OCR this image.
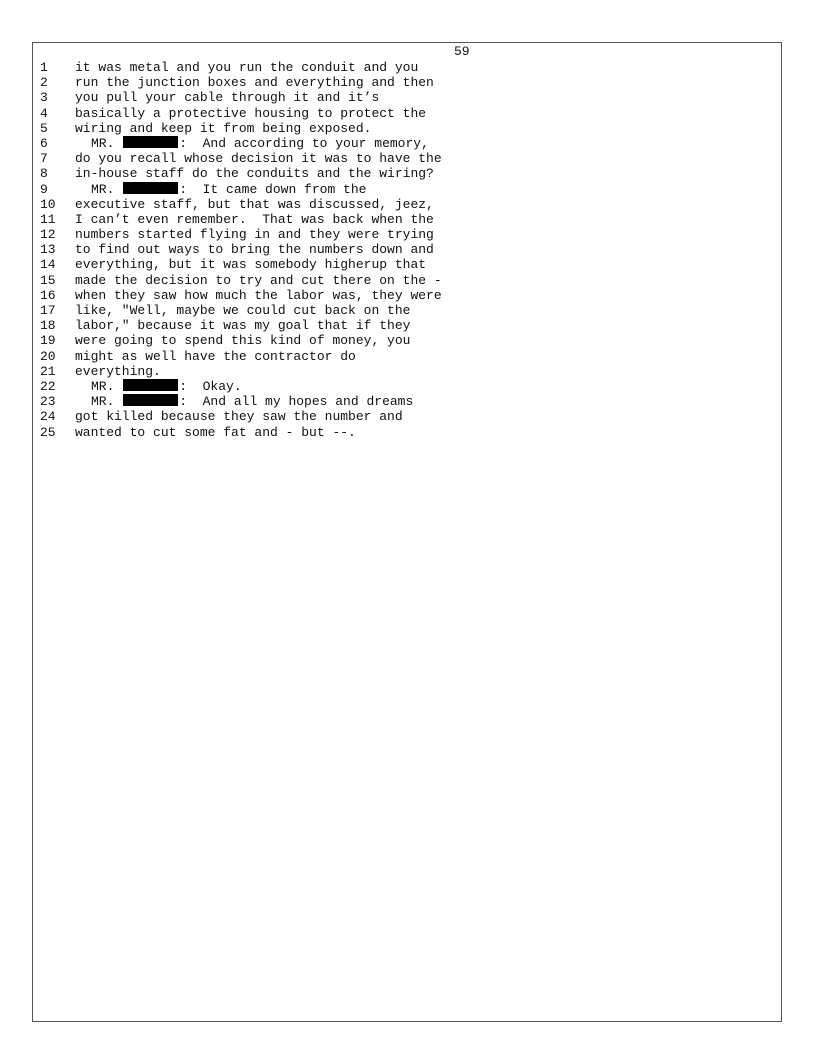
59

1

	it was metal and you run the conduit and you

2

	run the junction boxes and everything and then

3

	you pull your cable through it and it’s

4

	basically a protective housing to protect the

5

	wiring and keep it from being exposed.

6

	MR.	:  And according to your memory,

7

	do you recall whose decision it was to have the

8

	in-house staff do the conduits and the wiring?

9

	MR.	:  It came down from the

10

	executive staff, but that was discussed, jeez,

11

	I can’t even remember.  That was back when the

12

	numbers started flying in and they were trying

13

	to find out ways to bring the numbers down and

14

	everything, but it was somebody higherup that

15

	made the decision to try and cut there on the -

16

	when they saw how much the labor was, they were

17

	like, "Well, maybe we could cut back on the

18

	labor," because it was my goal that if they

19

	were going to spend this kind of money, you

20

	might as well have the contractor do

21

	everything.

22

	MR.	:  Okay.

23

	MR.	:  And all my hopes and dreams

24

	got killed because they saw the number and

25

	wanted to cut some fat and - but --.
